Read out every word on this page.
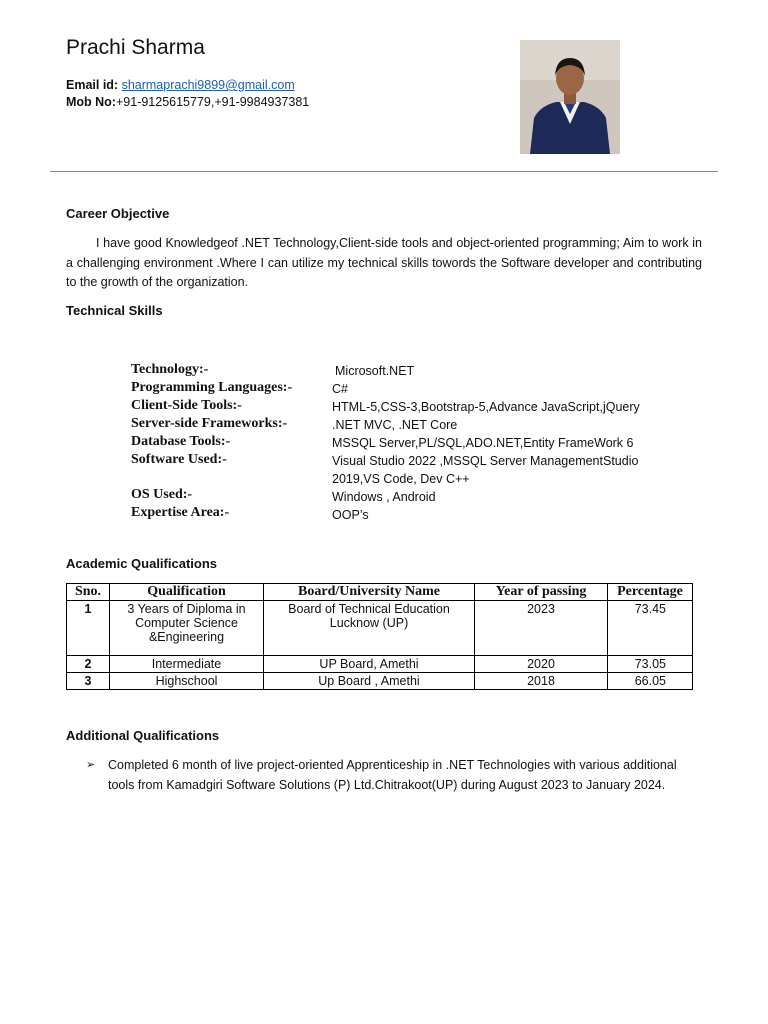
Prachi Sharma
Email id: sharmaprachi9899@gmail.com
Mob No:+91-9125615779,+91-9984937381
Career Objective
I have good Knowledgeof .NET Technology,Client-side tools and object-oriented programming; Aim to work in a challenging environment .Where I can utilize my technical skills towords the Software developer and contributing to the growth of the organization.
Technical Skills
Technology:-	Microsoft.NET
Programming Languages:-	C#
Client-Side Tools:-	HTML-5,CSS-3,Bootstrap-5,Advance JavaScript,jQuery
Server-side Frameworks:-	.NET MVC, .NET Core
Database Tools:-	MSSQL Server,PL/SQL,ADO.NET,Entity FrameWork 6
Software Used:-	Visual Studio 2022 ,MSSQL Server ManagementStudio 2019,VS Code, Dev C++
OS Used:-	Windows , Android
Expertise Area:-	OOP’s
Academic Qualifications
Sno.	Qualification	Board/University Name	Year of passing	Percentage
1	3 Years of Diploma in Computer Science &Engineering	Board of Technical Education Lucknow (UP)	2023	73.45
2	Intermediate	UP Board, Amethi	2020	73.05
3	Highschool	Up Board , Amethi	2018	66.05
Additional Qualifications
➢ Completed 6 month of live project-oriented Apprenticeship in .NET Technologies with various additional tools from Kamadgiri Software Solutions (P) Ltd.Chitrakoot(UP) during August 2023 to January 2024.
